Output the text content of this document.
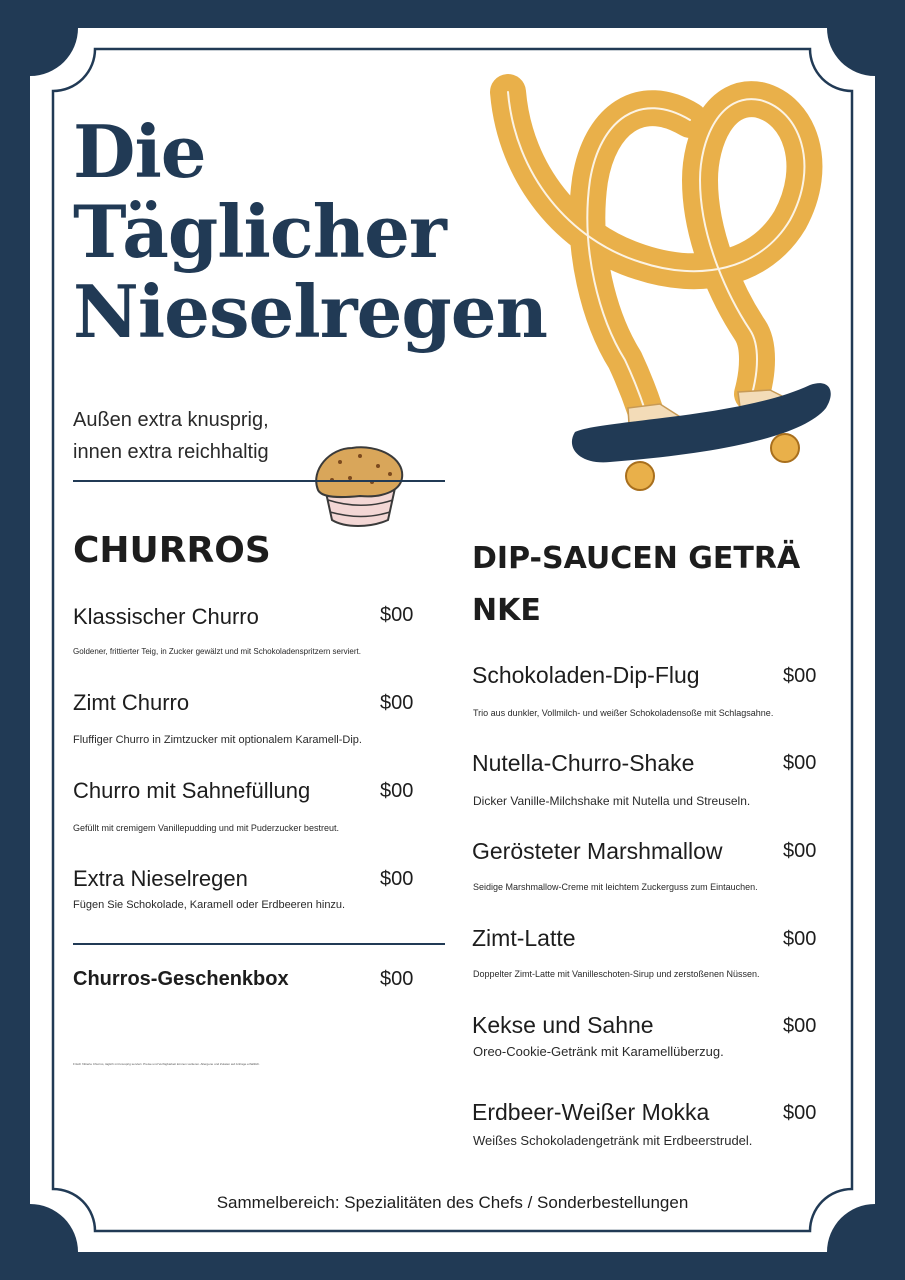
Die
Täglicher
Nieselregen
Außen extra knusprig,
innen extra reichhaltig
CHURROS
Klassischer Churro	$00
Goldener, frittierter Teig, in Zucker gewälzt und mit Schokoladenspritzern serviert.
Zimt Churro	$00
Fluffiger Churro in Zimtzucker mit optionalem Karamell-Dip.
Churro mit Sahnefüllung	$00
Gefüllt mit cremigem Vanillepudding und mit Puderzucker bestreut.
Extra Nieselregen	$00
Fügen Sie Schokolade, Karamell oder Erdbeeren hinzu.
Churros-Geschenkbox	$00
Frisch frittierte Churros, täglich mit knusprig serviert. Preise und Verfügbarkeit können variieren. Allergene und Zutaten auf Anfrage erhältlich.
DIP-SAUCEN GETRÄ
NKE
Schokoladen-Dip-Flug	$00
Trio aus dunkler, Vollmilch- und weißer Schokoladensoße mit Schlagsahne.
Nutella-Churro-Shake	$00
Dicker Vanille-Milchshake mit Nutella und Streuseln.
Gerösteter Marshmallow	$00
Seidige Marshmallow-Creme mit leichtem Zuckerguss zum Eintauchen.
Zimt-Latte	$00
Doppelter Zimt-Latte mit Vanilleschoten-Sirup und zerstoßenen Nüssen.
Kekse und Sahne	$00
Oreo-Cookie-Getränk mit Karamellüberzug.
Erdbeer-Weißer Mokka	$00
Weißes Schokoladengetränk mit Erdbeerstrudel.
Sammelbereich: Spezialitäten des Chefs / Sonderbestellungen
